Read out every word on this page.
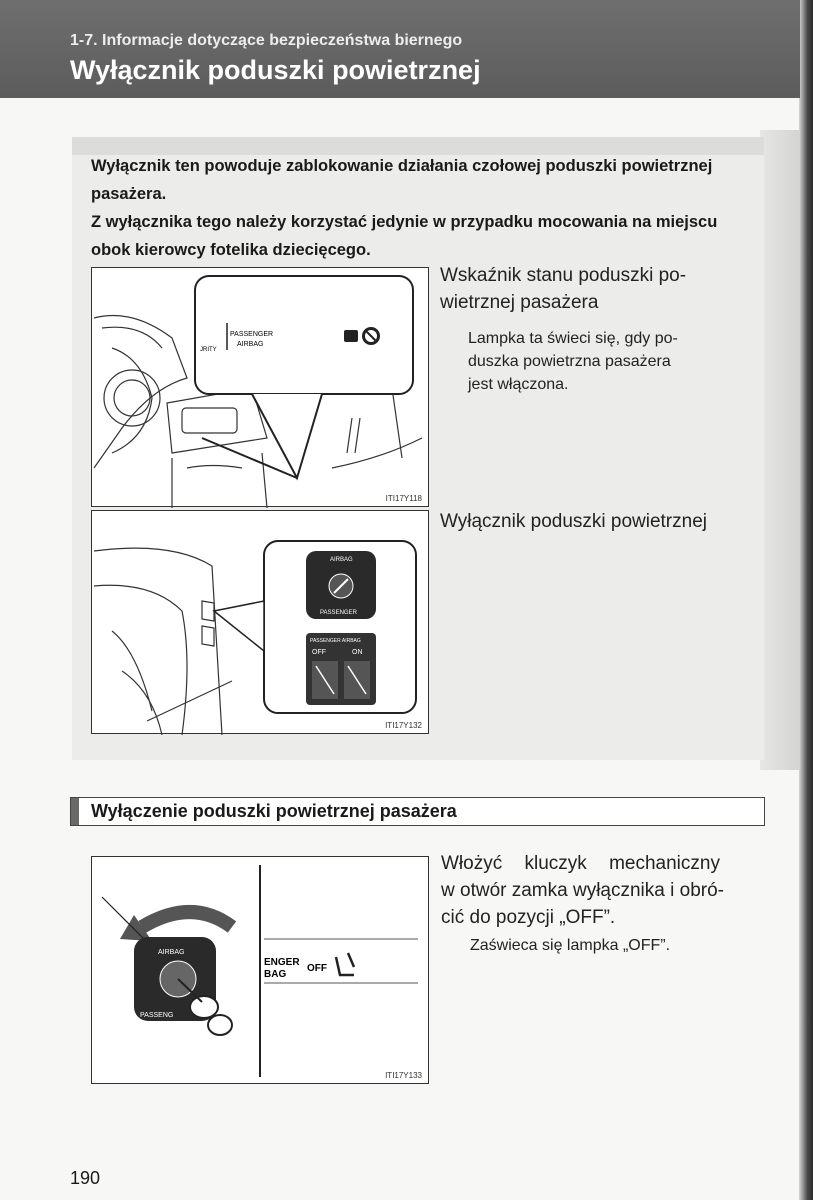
1-7. Informacje dotyczące bezpieczeństwa biernego
Wyłącznik poduszki powietrznej

Wyłącznik ten powoduje zablokowanie działania czołowej poduszki powietrznej pasażera.

Z wyłącznika tego należy korzystać jedynie w przypadku mocowania na miejscu obok kierowcy fotelika dziecięcego.

PASSENGER
AIRBAG
JRITY
ITI17Y118
Wskaźnik stanu poduszki po-
wietrznej pasażera
Lampka ta świeci się, gdy po-
duszka powietrzna pasażera
jest włączona.
AIRBAG
PASSENGER
PASSENGER AIRBAG
OFF	ON
ITI17Y132
Wyłącznik poduszki powietrznej
Wyłączenie poduszki powietrznej pasażera
AIRBAG
PASSENG
ENGER
BAG
OFF
ITI17Y133
Włożyć kluczyk mechaniczny
w otwór zamka wyłącznika i obró-
cić do pozycji „OFF”.
Zaświeca się lampka „OFF”.
190
